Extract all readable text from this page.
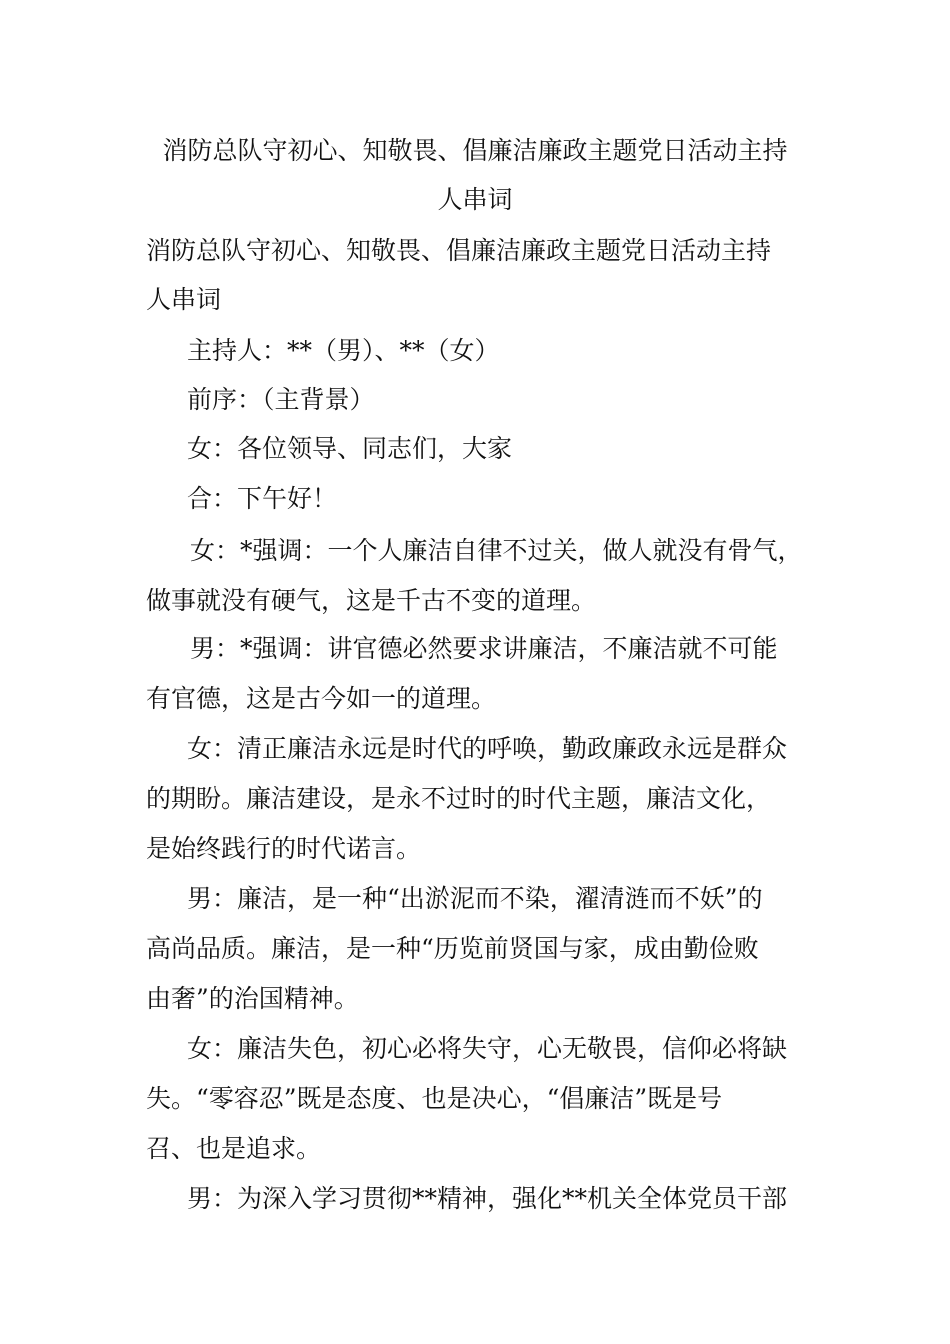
消防总队守初心、知敬畏、倡廉洁廉政主题党日活动主持
人串词
消防总队守初心、知敬畏、倡廉洁廉政主题党日活动主持
人串词
主持人：**（男）、**（女）
前序：（主背景）
女：各位领导、同志们，大家
合：下午好！
女：*强调：一个人廉洁自律不过关，做人就没有骨气，
做事就没有硬气，这是千古不变的道理。
男：*强调：讲官德必然要求讲廉洁，不廉洁就不可能
有官德，这是古今如一的道理。
女：清正廉洁永远是时代的呼唤，勤政廉政永远是群众
的期盼。廉洁建设，是永不过时的时代主题，廉洁文化，
是始终践行的时代诺言。
男：廉洁，是一种“出淤泥而不染，濯清涟而不妖”的
高尚品质。廉洁，是一种“历览前贤国与家，成由勤俭败
由奢”的治国精神。
女：廉洁失色，初心必将失守，心无敬畏，信仰必将缺
失。“零容忍”既是态度、也是决心，“倡廉洁”既是号
召、也是追求。
男：为深入学习贯彻**精神，强化**机关全体党员干部
